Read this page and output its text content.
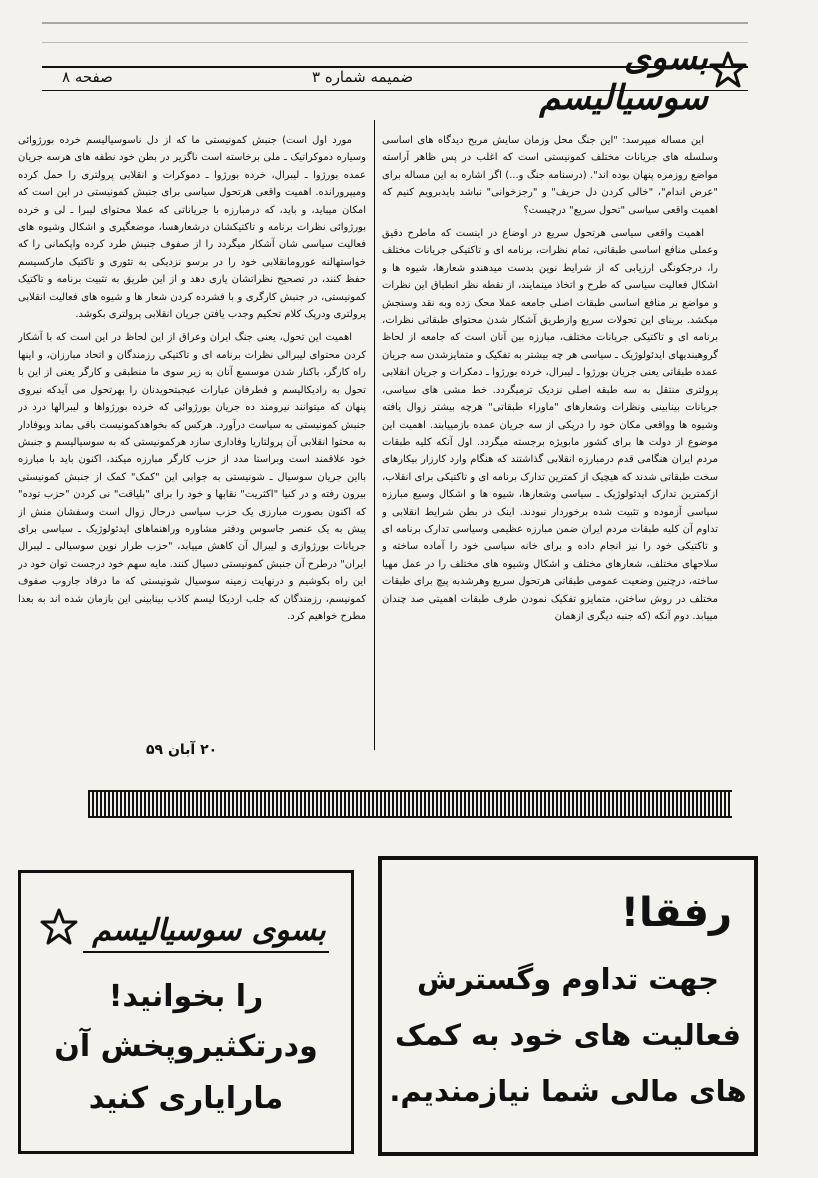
بسوی سوسیالیسم
ضمیمه شماره ۳
صفحه ۸

این مساله میپرسد: "این جنگ محل وزمان سایش مربح دیدگاه های اساسی وسلسله های جریانات مختلف کمونیستی است که اغلب در پس ظاهر آراسته مواضع روزمره پنهان بوده اند". (درسنامه جنگ و...) اگر اشاره به این مساله برای "عرض اندام"، "خالی کردن دل حریف" و "رجزخوانی" نباشد بایدبرویم کنیم که اهمیت واقعی سیاسی "تحول سریع" درچیست؟

اهمیت واقعی سیاسی هرتحول سریع در اوضاع در اینست که ماطرح دقیق وعملی منافع اساسی طبقاتی، تمام نظرات، برنامه ای و تاکتیکی جریانات مختلف را، درجکونگی ارزیابی که از شرایط نوین بدست میدهندو شعارها، شیوه ها و اشکال فعالیت سیاسی که طرح و اتخاذ مینمایند، از نقطه نظر انطباق این نظرات و مواضع بر منافع اساسی طبقات اصلی جامعه عملا محک زده وبه نقد وسنجش میکشد. بربنای این تحولات سریع وازطریق آشکار شدن محتوای طبقاتی نظرات، برنامه ای و تاکتیکی جریانات مختلف، مبارزه بین آنان است که جامعه از لحاظ گروهبندیهای ایدئولوژیک ـ سیاسی هر چه بیشتر به تفکیک و متمایزشدن سه جریان عمده طبقاتی یعنی جریان بورژوا ـ لیبرال، خرده بورژوا ـ دمکرات و جریان انقلابی پرولتری منتقل به سه طبقه اصلی نزدیک ترمیگردد. خط مشی های سیاسی، جریانات بینابینی ونظرات وشعارهای "ماوراء طبقاتی" هرچه بیشتر زوال یافته وشیوه ها وواقعی مکان خود را درپکی از سه جریان عمده بازمییابند. اهمیت این موضوع از دولت ها برای کشور مابویژه برجسته میگردد. اول آنکه کلیه طبقات مردم ایران هنگامی قدم درمبارزه انقلابی گذاشتند که هنگام وارد کارزار بیکارهای سخت طبقاتی شدند که هیچیک از کمترین تدارک برنامه ای و تاکتیکی برای انقلاب، ازکمترین تدارک ایدئولوژیک ـ سیاسی وشعارها، شیوه ها و اشکال وسیع مبارزه سیاسی آزموده و تثبیت شده برخوردار نبودند. اینک در بطن شرایط انقلابی و تداوم آن کلیه طبقات مردم ایران ضمن مبارزه عظیمی وسیاسی تدارک برنامه ای و تاکتیکی خود را نیز انجام داده و برای خانه سیاسی خود را آماده ساخته و سلاحهای مختلف، شعارهای مختلف و اشکال وشیوه های مختلف را در عمل مهیا ساخته، درچنین وضعیت عمومی طبقاتی هرتحول سریع وهرشدبه پیچ برای طبقات مختلف در روش ساختن، متمایزو تفکیک نمودن طرف طبقات اهمیتی صد چندان مییابد. دوم آنکه (که جنبه دیگری ازهمان

مورد اول است) جنبش کمونیستی ما که از دل ناسوسیالیسم خرده بورژوائی وسیاره دموکراتیک ـ ملی برخاسته است ناگزیر در بطن خود نطفه های هرسه جریان عمده بورژوا ـ لیبرال، خرده بورژوا ـ دموکرات و انقلابی پرولتری را حمل کرده ومیپرورانده. اهمیت واقعی هرتحول سیاسی برای جنبش کمونیستی در این است که امکان میباید، و باید، که درمبارزه با جریاناتی که عملا محتوای لیبرا ـ لی و خرده بورژوائی نظرات برنامه و تاکتیکشان درشعارهسا، موضعگیری و اشکال وشیوه های فعالیت سیاسی شان آشکار میگردد را از صفوف جنبش طرد کرده واپکمانی را که خواستهالنه عورومانقلابی خود را در برسو نزدیکی به تئوری و تاکتیک مارکسیسم حفظ کنند، در تصحیح نظراتشان یاری دهد و از این طریق به تثبیت برنامه و تاکتیک کمونیستی، در جنبش کارگری و با فشرده کردن شعار ها و شیوه های فعالیت انقلابی پرولتری ودرپک کلام تحکیم وجدب یافتن جریان انقلابی پرولتری بکوشد.

اهمیت این تحول، یعنی جنگ ایران وعراق از این لحاظ در این است که با آشکار کردن محتوای لیبرالی نظرات برنامه ای و تاکتیکی رزمندگان و اتحاد مبارزان، و اینها راه کارگر، باکنار شدن موسسع آنان به زیر سوی ما منطبقی و کارگر یعنی از این با تحول به رادیکالیسم و فطرفان عبارات عبجبتحویدنان را بهرتحول می آیدکه نیروی پنهان که میتوانند نیرومند ده جریان بورژوائی که خرده بورژواها و لیبرالها درد در جنبش کمونیستی به سیاست درآورد. هرکس که بخواهدکمونیست باقی بماند وبوفادار به محتوا انقلابی آن پرولتاریا وفاداری سازد هرکمونیستی که به سوسیالیسم و جنبش خود علاقمند است وبراستا مدد از حزب کارگر مبارزه میکند، اکنون باید با مبارزه بااین جریان سوسیال ـ شونیستی به جوابی این "کمک" کمک از جنبش کمونیستی بیرون رفته و در کنیا "اکثریت" نقابها و خود را برای "بلیاقت" نی کردن "حزب توده" که اکنون بصورت مبارزی یک حزب سیاسی درحال زوال است وسفشان منش از پیش به یک عنصر جاسوس ودفتر مشاوره وراهنماهای ایدئولوژیک ـ سیاسی برای جریانات بورژوازی و لیبرال آن کاهش مییابد، "حزب طرار نوین سوسیالی ـ لیبرال ایران" درطرح آن جنبش کمونیستی دسیال کنند. مایه سهم خود درجست توان خود در این راه بکوشیم و درنهایت زمینه سوسیال شونیستی که ما درفاد جاروب صفوف کمونیسم، رزمندگان که جلب اردیکا لیسم کاذب بینابینی این بازمان شده اند به بعدا مطرح خواهیم کرد.

۲۰ آبان ۵۹
بسوی سوسیالیسم
را بخوانید!
ودرتکثیروپخش آن
مارایاری کنید
رفقا!
جهت تداوم وگسترش
فعالیت های خود به کمک
های مالی شما نیازمندیم.
